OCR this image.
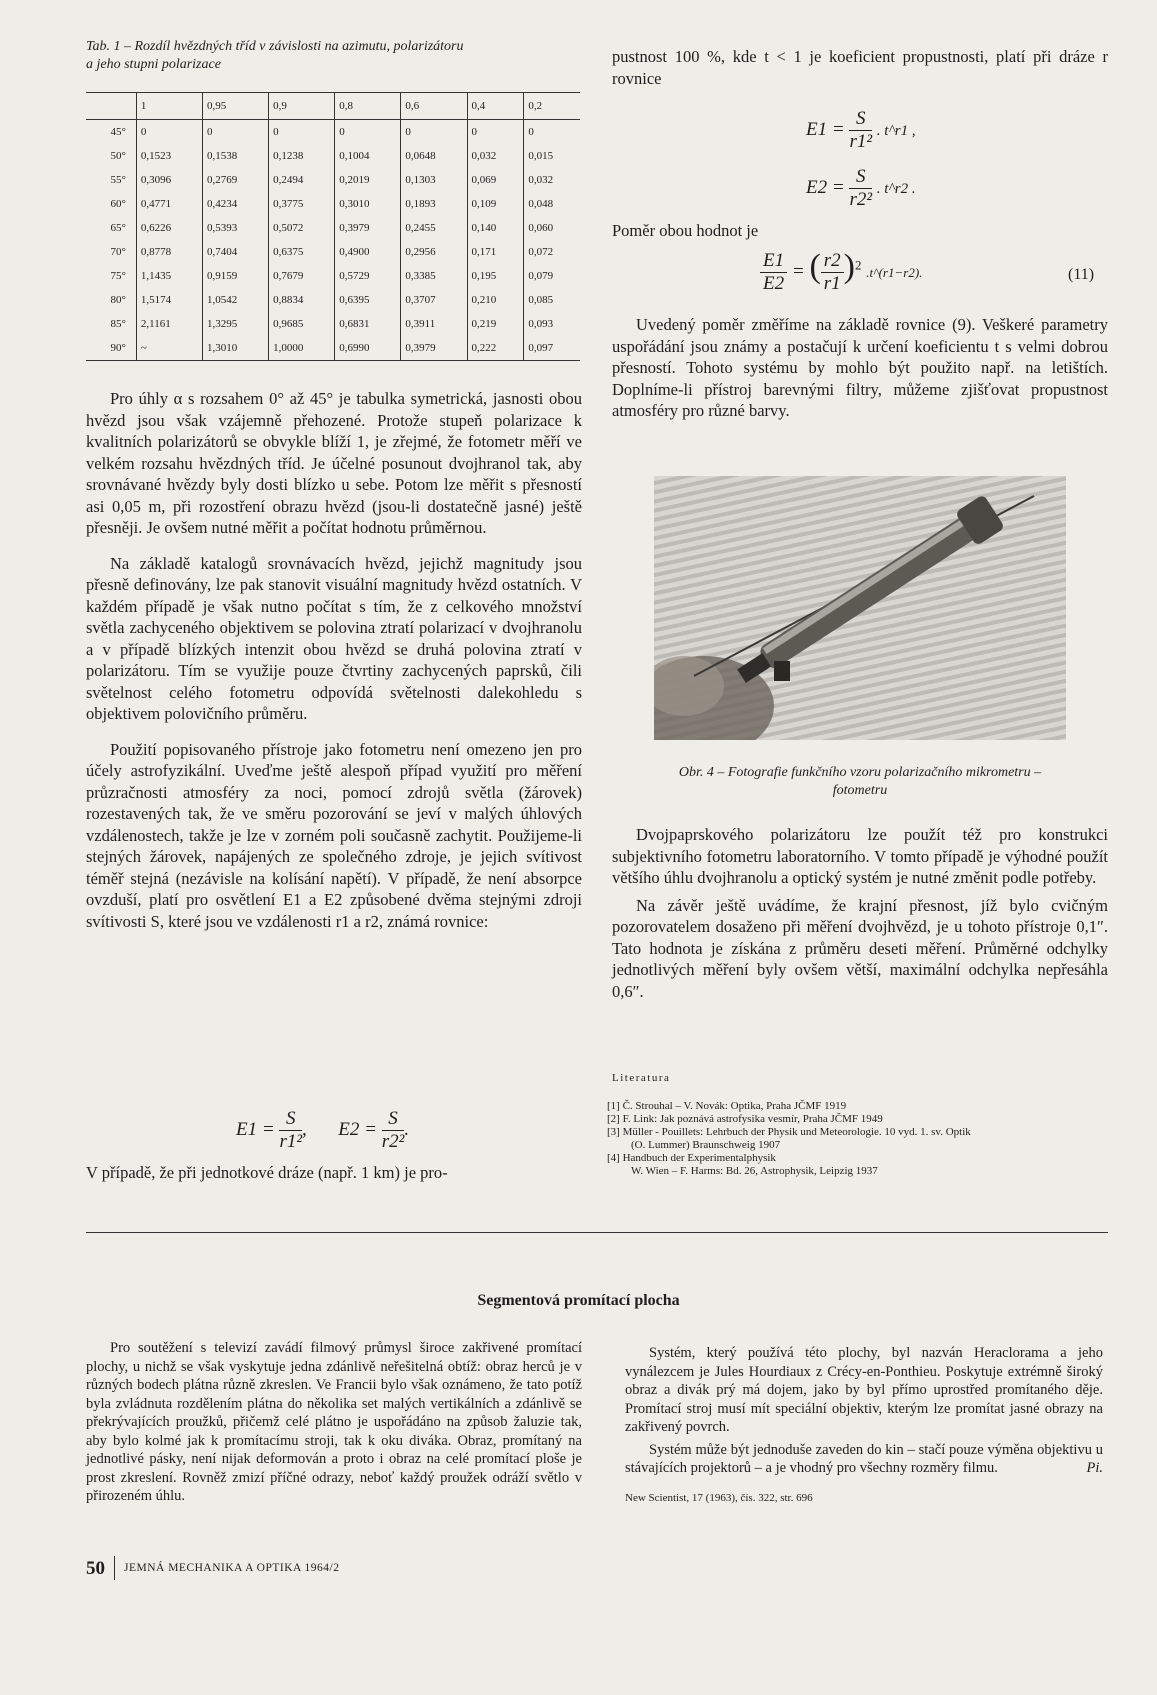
Tab. 1 – Rozdíl hvězdných tříd v závislosti na azimutu, polarizátoru
a jeho stupni polarizace
	1	0,95	0,9	0,8	0,6	0,4	0,2
45°	0	0	0	0	0	0	0
50°	0,1523	0,1538	0,1238	0,1004	0,0648	0,032	0,015
55°	0,3096	0,2769	0,2494	0,2019	0,1303	0,069	0,032
60°	0,4771	0,4234	0,3775	0,3010	0,1893	0,109	0,048
65°	0,6226	0,5393	0,5072	0,3979	0,2455	0,140	0,060
70°	0,8778	0,7404	0,6375	0,4900	0,2956	0,171	0,072
75°	1,1435	0,9159	0,7679	0,5729	0,3385	0,195	0,079
80°	1,5174	1,0542	0,8834	0,6395	0,3707	0,210	0,085
85°	2,1161	1,3295	0,9685	0,6831	0,3911	0,219	0,093
90°	~	1,3010	1,0000	0,6990	0,3979	0,222	0,097

Pro úhly α s rozsahem 0° až 45° je tabulka symetrická, jasnosti obou hvězd jsou však vzájemně přehozené. Protože stupeň polarizace k kvalitních polarizátorů se obvykle blíží 1, je zřejmé, že fotometr měří ve velkém rozsahu hvězdných tříd. Je účelné posunout dvojhranol tak, aby srovnávané hvězdy byly dosti blízko u sebe. Potom lze měřit s přesností asi 0,05 m, při rozostření obrazu hvězd (jsou-li dostatečně jasné) ještě přesněji. Je ovšem nutné měřit a počítat hodnotu průměrnou.

Na základě katalogů srovnávacích hvězd, jejichž magnitudy jsou přesně definovány, lze pak stanovit visuální magnitudy hvězd ostatních. V každém případě je však nutno počítat s tím, že z celkového množství světla zachyceného objektivem se polovina ztratí polarizací v dvojhranolu a v případě blízkých intenzit obou hvězd se druhá polovina ztratí v polarizátoru. Tím se využije pouze čtvrtiny zachycených paprsků, čili světelnost celého fotometru odpovídá světelnosti dalekohledu s objektivem polovičního průměru.

Použití popisovaného přístroje jako fotometru není omezeno jen pro účely astrofyzikální. Uveďme ještě alespoň případ využití pro měření průzračnosti atmosféry za noci, pomocí zdrojů světla (žárovek) rozestavených tak, že ve směru pozorování se jeví v malých úhlových vzdálenostech, takže je lze v zorném poli současně zachytit. Použijeme-li stejných žárovek, napájených ze společného zdroje, je jejich svítivost téměř stejná (nezávisle na kolísání napětí). V případě, že není absorpce ovzduší, platí pro osvětlení E1 a E2 způsobené dvěma stejnými zdroji svítivosti S, které jsou ve vzdálenosti r1 a r2, známá rovnice:

$E1 = \frac{S}{\text{r1²}}$ , $E2 = \frac{S}{\text{r2²}}$ .

V případě, že při jednotkové dráze (např. 1 km) je pro-

pustnost 100 %, kde t < 1 je koeficient propustnosti, platí při dráze r rovnice

$E1 = \frac{S}{\text{r1²}}$ . t^r1 ,
$E2 = \frac{S}{\text{r2²}}$ . t^r2 .

Poměr obou hodnot je

$\frac{E1}{E2}$ = ( $\frac{r2}{r1} )^2$ .t^(r1−r2).	(11)

Uvedený poměr změříme na základě rovnice (9). Veškeré parametry uspořádání jsou známy a postačují k určení koeficientu t s velmi dobrou přesností. Tohoto systému by mohlo být použito např. na letištích. Doplníme-li přístroj barevnými filtry, můžeme zjišťovat propustnost atmosféry pro různé barvy.

Obr. 4 – Fotografie funkčního vzoru polarizačního mikrometru –
fotometru

Dvojpaprskového polarizátoru lze použít též pro konstrukci subjektivního fotometru laboratorního. V tomto případě je výhodné použít většího úhlu dvojhranolu a optický systém je nutné změnit podle potřeby.

Na závěr ještě uvádíme, že krajní přesnost, jíž bylo cvičným pozorovatelem dosaženo při měření dvojhvězd, je u tohoto přístroje 0,1″. Tato hodnota je získána z průměru deseti měření. Průměrné odchylky jednotlivých měření byly ovšem větší, maximální odchylka nepřesáhla 0,6″.

Literatura

[1] Č. Strouhal – V. Novák: Optika, Praha JČMF 1919

[2] F. Link: Jak poznává astrofysika vesmír, Praha JČMF 1949

[3] Müller - Pouillets: Lehrbuch der Physik und Meteorologie. 10 vyd. 1. sv. Optik

(O. Lummer) Braunschweig 1907

[4] Handbuch der Experimentalphysik

W. Wien – F. Harms: Bd. 26, Astrophysik, Leipzig 1937

Segmentová promítací plocha

Pro soutěžení s televizí zavádí filmový průmysl široce zakřivené promítací plochy, u nichž se však vyskytuje jedna zdánlivě neřešitelná obtíž: obraz herců je v různých bodech plátna různě zkreslen. Ve Francii bylo však oznámeno, že tato potíž byla zvládnuta rozdělením plátna do několika set malých vertikálních a zdánlivě se překrývajících proužků, přičemž celé plátno je uspořádáno na způsob žaluzie tak, aby bylo kolmé jak k promítacímu stroji, tak k oku diváka. Obraz, promítaný na jednotlivé pásky, není nijak deformován a proto i obraz na celé promítací ploše je prost zkreslení. Rovněž zmizí příčné odrazy, neboť každý proužek odráží světlo v přirozeném úhlu.

Systém, který používá této plochy, byl nazván Heraclorama a jeho vynálezcem je Jules Hourdiaux z Crécy-en-Ponthieu. Poskytuje extrémně široký obraz a divák prý má dojem, jako by byl přímo uprostřed promítaného děje. Promítací stroj musí mít speciální objektiv, kterým lze promítat jasné obrazy na zakřivený povrch.

Systém může být jednoduše zaveden do kin – stačí pouze výměna objektivu u stávajících projektorů – a je vhodný pro všechny rozměry filmu.	Pi.

New Scientist, 17 (1963), čís. 322, str. 696
50 JEMNÁ MECHANIKA A OPTIKA 1964/2
